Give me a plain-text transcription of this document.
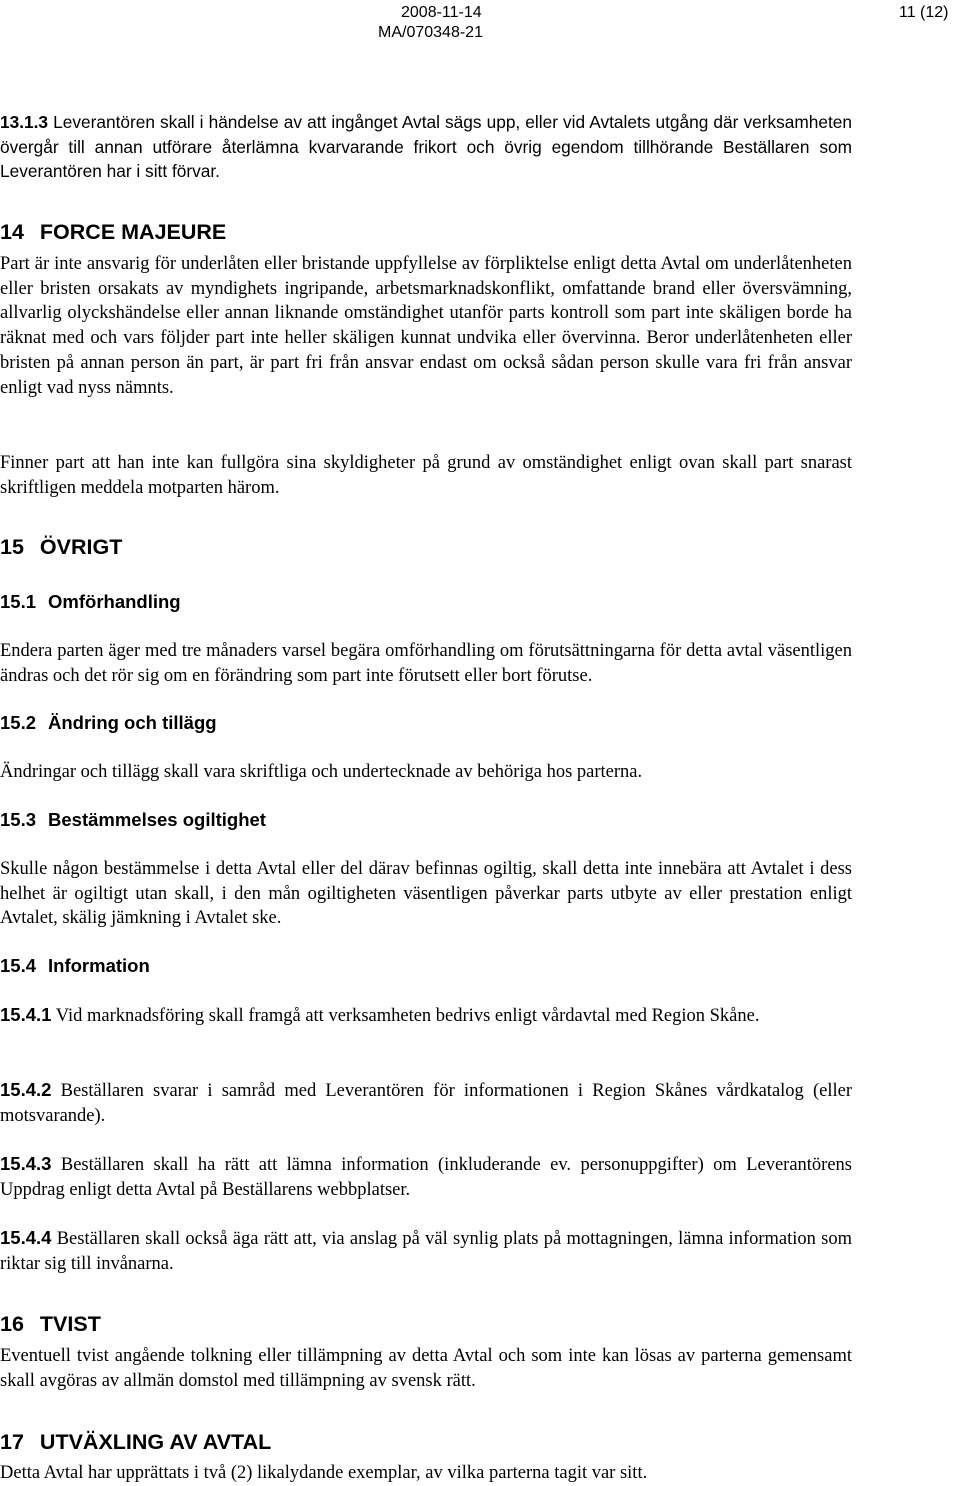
2008-11-14
MA/070348-21
11 (12)

13.1.3 Leverantören skall i händelse av att ingånget Avtal sägs upp, eller vid Avtalets utgång där verksamheten övergår till annan utförare återlämna kvarvarande frikort och övrig egendom tillhörande Beställaren som Leverantören har i sitt förvar.

14 FORCE MAJEURE

Part är inte ansvarig för underlåten eller bristande uppfyllelse av förpliktelse enligt detta Avtal om underlåtenheten eller bristen orsakats av myndighets ingripande, arbetsmarknadskonflikt, omfattande brand eller översvämning, allvarlig olyckshändelse eller annan liknande omständighet utanför parts kontroll som part inte skäligen borde ha räknat med och vars följder part inte heller skäligen kunnat undvika eller övervinna. Beror underlåtenheten eller bristen på annan person än part, är part fri från ansvar endast om också sådan person skulle vara fri från ansvar enligt vad nyss nämnts.

Finner part att han inte kan fullgöra sina skyldigheter på grund av omständighet enligt ovan skall part snarast skriftligen meddela motparten härom.

15 ÖVRIGT
15.1 Omförhandling

Endera parten äger med tre månaders varsel begära omförhandling om förutsättningarna för detta avtal väsentligen ändras och det rör sig om en förändring som part inte förutsett eller bort förutse.

15.2 Ändring och tillägg

Ändringar och tillägg skall vara skriftliga och undertecknade av behöriga hos parterna.

15.3 Bestämmelses ogiltighet

Skulle någon bestämmelse i detta Avtal eller del därav befinnas ogiltig, skall detta inte innebära att Avtalet i dess helhet är ogiltigt utan skall, i den mån ogiltigheten väsentligen påverkar parts utbyte av eller prestation enligt Avtalet, skälig jämkning i Avtalet ske.

15.4 Information

15.4.1 Vid marknadsföring skall framgå att verksamheten bedrivs enligt vårdavtal med Region Skåne.

15.4.2 Beställaren svarar i samråd med Leverantören för informationen i Region Skånes vårdkatalog (eller motsvarande).

15.4.3 Beställaren skall ha rätt att lämna information (inkluderande ev. personuppgifter) om Leverantörens Uppdrag enligt detta Avtal på Beställarens webbplatser.

15.4.4 Beställaren skall också äga rätt att, via anslag på väl synlig plats på mottagningen, lämna information som riktar sig till invånarna.

16 TVIST

Eventuell tvist angående tolkning eller tillämpning av detta Avtal och som inte kan lösas av parterna gemensamt skall avgöras av allmän domstol med tillämpning av svensk rätt.

17 UTVÄXLING AV AVTAL

Detta Avtal har upprättats i två (2) likalydande exemplar, av vilka parterna tagit var sitt.
